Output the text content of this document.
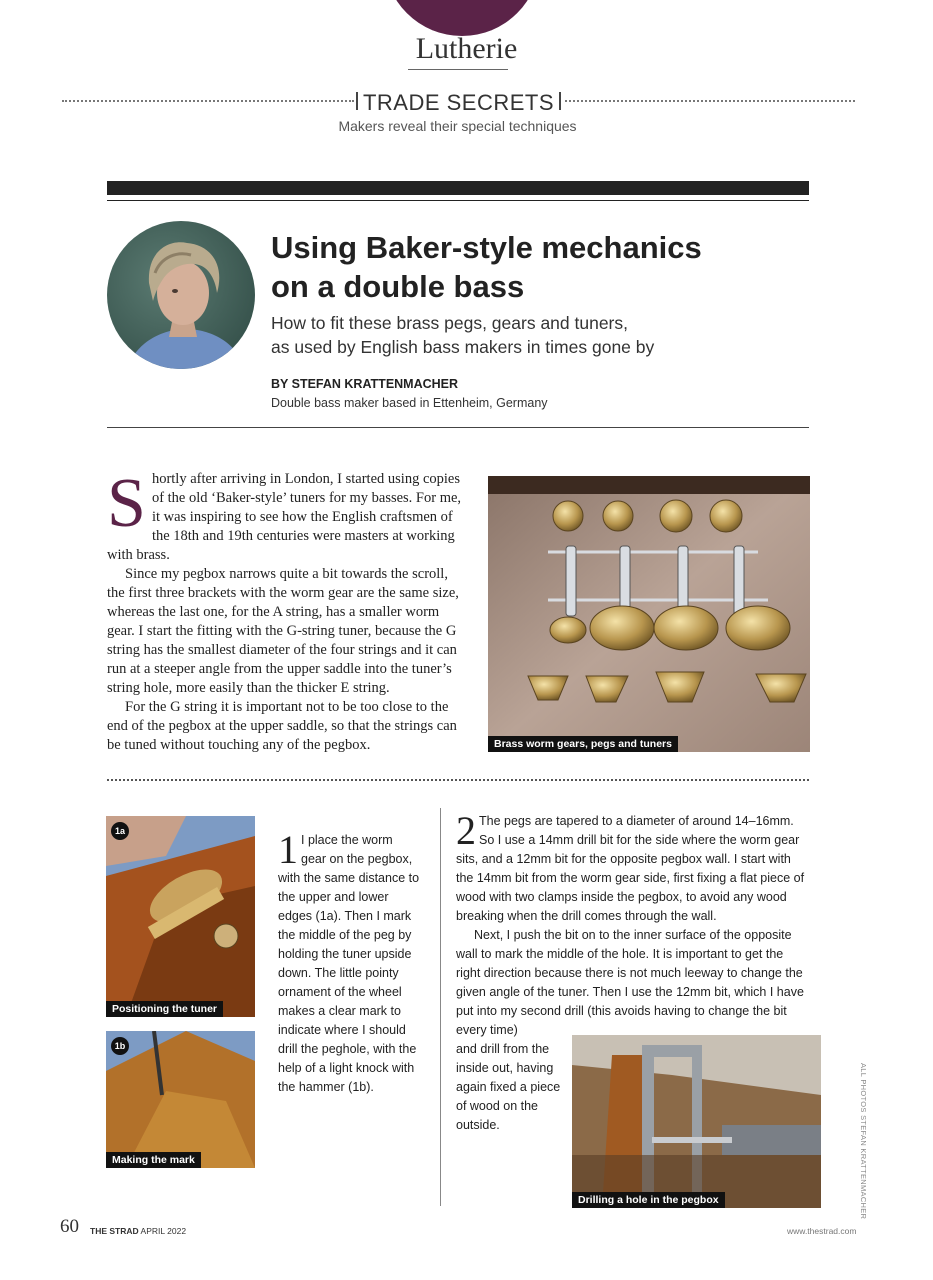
Lutherie
TRADE SECRETS
Makers reveal their special techniques
Using Baker-style mechanics
on a double bass
How to fit these brass pegs, gears and tuners,
as used by English bass makers in times gone by
BY STEFAN KRATTENMACHER
Double bass maker based in Ettenheim, Germany

Shortly after arriving in London, I started using copies of the old ‘Baker-style’ tuners for my basses. For me, it was inspiring to see how the English craftsmen of the 18th and 19th centuries were masters at working with brass.

Since my pegbox narrows quite a bit towards the scroll, the first three brackets with the worm gear are the same size, whereas the last one, for the A string, has a smaller worm gear. I start the fitting with the G-string tuner, because the G string has the smallest diameter of the four strings and it can run at a steeper angle from the upper saddle into the tuner’s string hole, more easily than the thicker E string.

For the G string it is important not to be too close to the end of the pegbox at the upper saddle, so that the strings can be tuned without touching any of the pegbox.	Brass worm gears, pegs and tuners
1a
Positioning the tuner
1b
Making the mark
1 I place the worm gear on the pegbox, with the same distance to the upper and lower edges (1a). Then I mark the middle of the peg by holding the tuner upside down. The little pointy ornament of the wheel makes a clear mark to indicate where I should drill the peghole, with the help of a light knock with the hammer (1b).

2 The pegs are tapered to a diameter of around 14–16mm. So I use a 14mm drill bit for the side where the worm gear sits, and a 12mm bit for the opposite pegbox wall. I start with the 14mm bit from the worm gear side, first fixing a flat piece of wood with two clamps inside the pegbox, to avoid any wood breaking when the drill comes through the wall.

Next, I push the bit on to the inner surface of the opposite wall to mark the middle of the hole. It is important to get the right direction because there is not much leeway to change the given angle of the tuner. Then I use the 12mm bit, which I have put into my second drill (this avoids having to change the bit every time)

and drill from the inside out, having again fixed a piece of wood on the outside.
Drilling a hole in the pegbox	ALL PHOTOS STEFAN KRATTENMACHER
60 THE STRAD APRIL 2022	www.thestrad.com
